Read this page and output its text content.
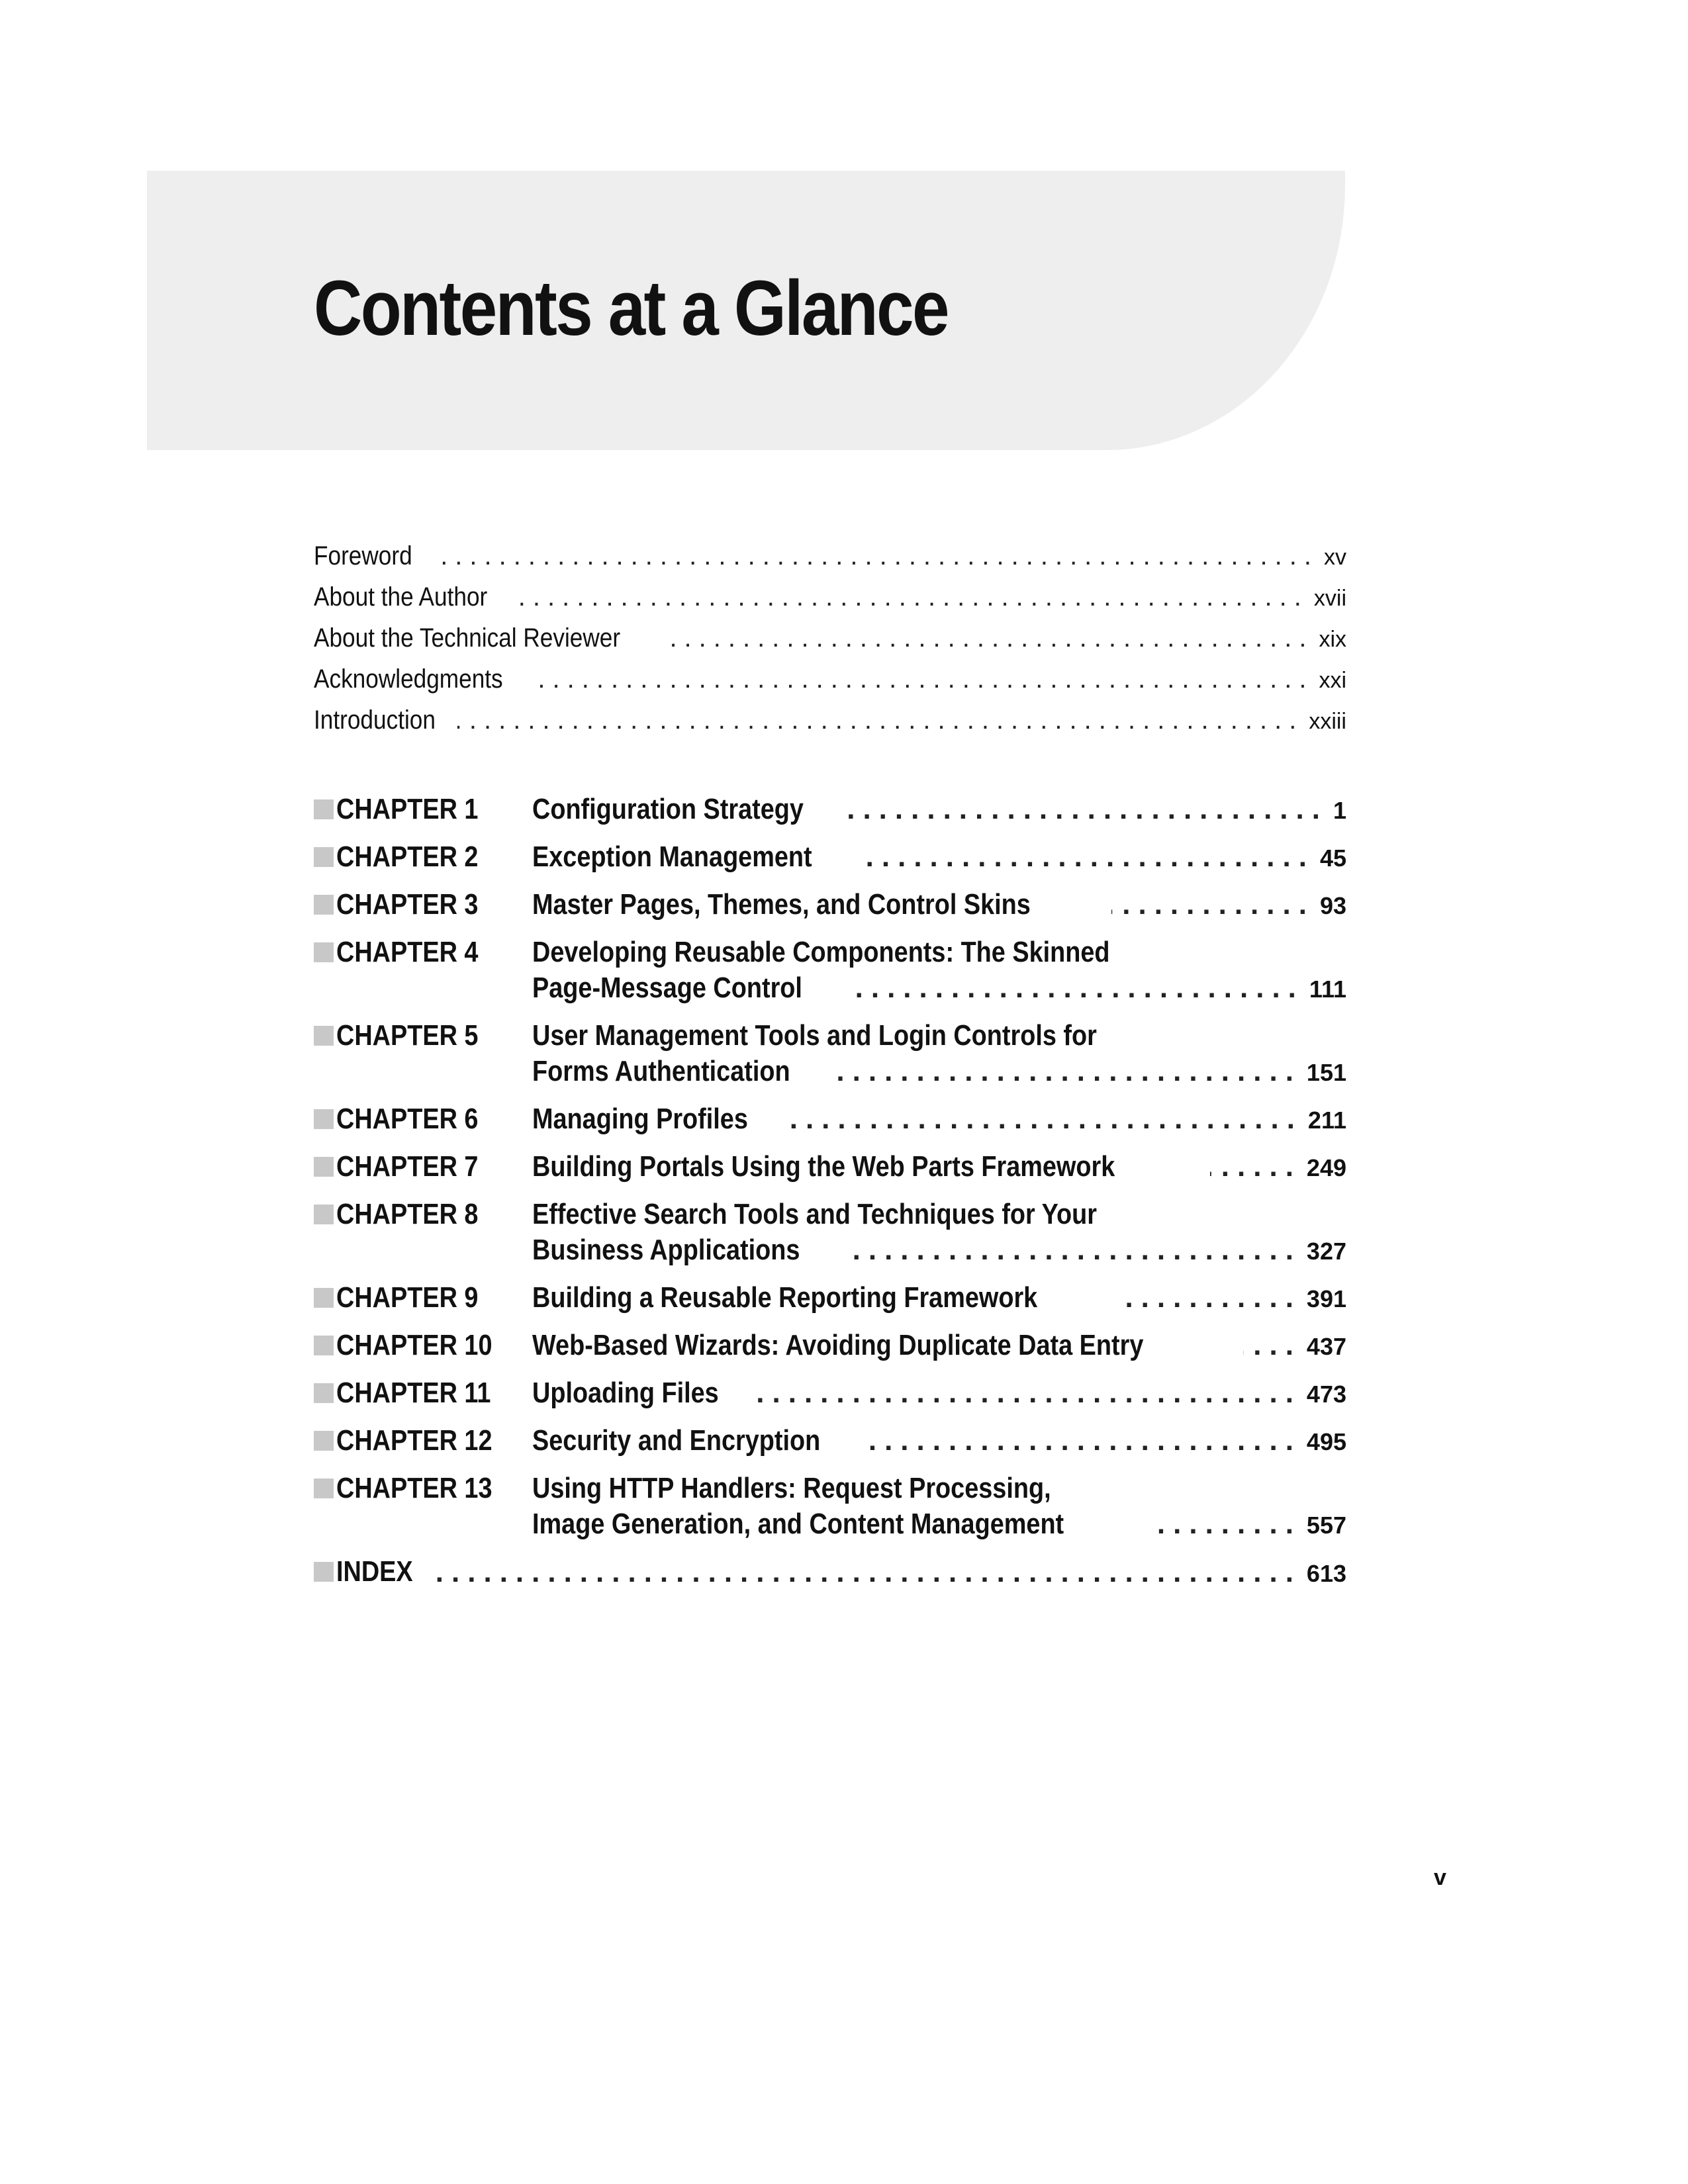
Contents at a Glance
Foreword .....	xv
About the Author .....	xvii
About the Technical Reviewer .....	xix
Acknowledgments .....	xxi
Introduction .....	xxiii
CHAPTER 1 Configuration Strategy .....	1
CHAPTER 2 Exception Management .....	45
CHAPTER 3 Master Pages, Themes, and Control Skins .....	93
CHAPTER 4 Developing Reusable Components: The Skinned
Page-Message Control .....	111
CHAPTER 5 User Management Tools and Login Controls for
Forms Authentication .....	151
CHAPTER 6 Managing Profiles .....	211
CHAPTER 7 Building Portals Using the Web Parts Framework .....	249
CHAPTER 8 Effective Search Tools and Techniques for Your
Business Applications .....	327
CHAPTER 9 Building a Reusable Reporting Framework .....	391
CHAPTER 10 Web-Based Wizards: Avoiding Duplicate Data Entry .....	437
CHAPTER 11 Uploading Files .....	473
CHAPTER 12 Security and Encryption .....	495
CHAPTER 13 Using HTTP Handlers: Request Processing,
Image Generation, and Content Management .....	557
INDEX .....	613
v
